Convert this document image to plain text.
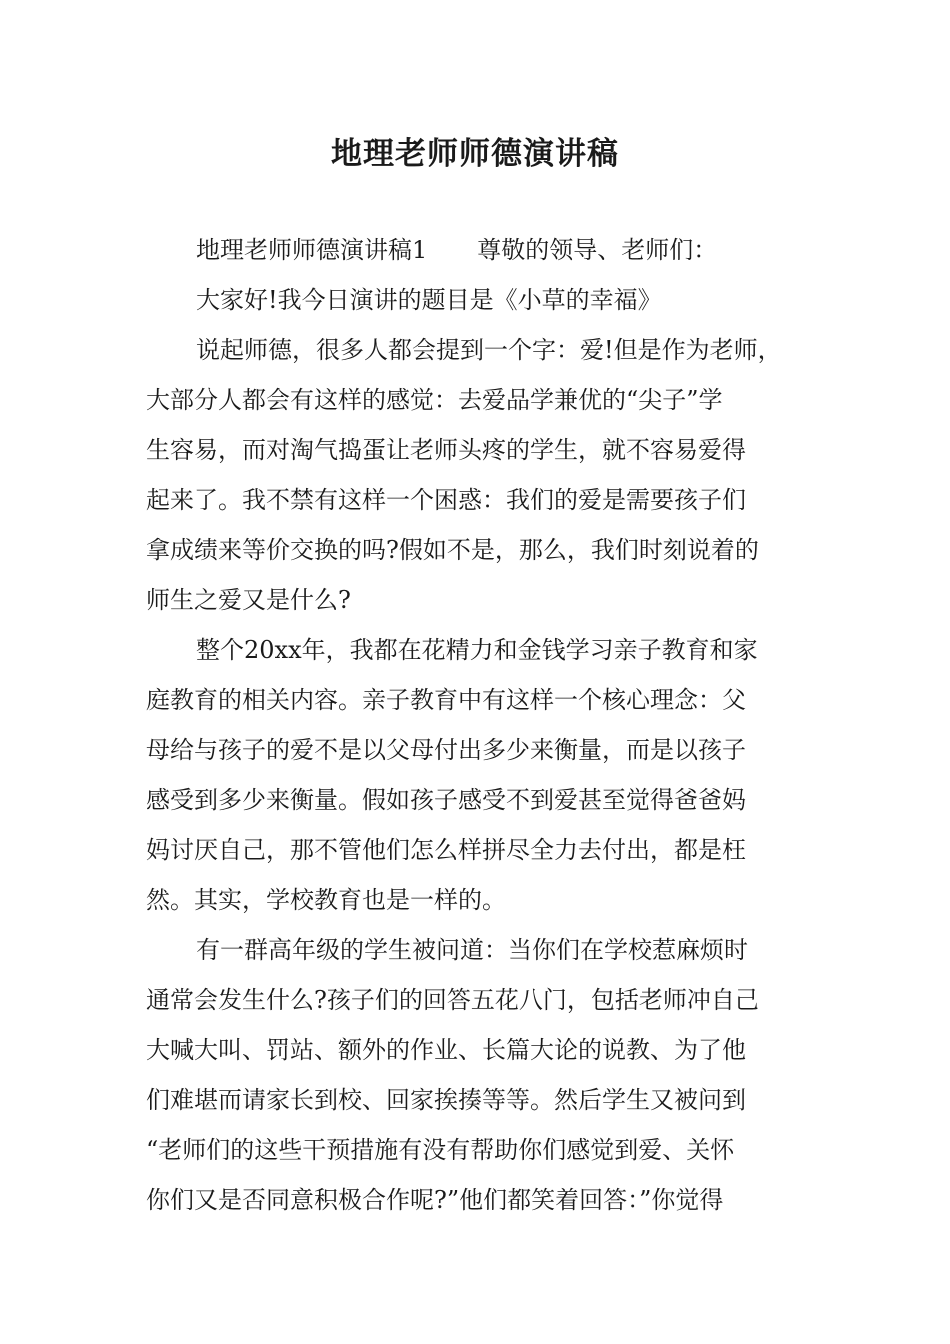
地理老师师德演讲稿

地理老师师德演讲稿1 尊敬的领导、老师们：

大家好!我今日演讲的题目是《小草的幸福》

说起师德，很多人都会提到一个字：爱!但是作为老师，
大部分人都会有这样的感觉：去爱品学兼优的“尖子”学
生容易，而对淘气捣蛋让老师头疼的学生，就不容易爱得
起来了。我不禁有这样一个困惑：我们的爱是需要孩子们
拿成绩来等价交换的吗?假如不是，那么，我们时刻说着的
师生之爱又是什么?

整个20xx年，我都在花精力和金钱学习亲子教育和家
庭教育的相关内容。亲子教育中有这样一个核心理念：父
母给与孩子的爱不是以父母付出多少来衡量，而是以孩子
感受到多少来衡量。假如孩子感受不到爱甚至觉得爸爸妈
妈讨厌自己，那不管他们怎么样拼尽全力去付出，都是枉
然。其实，学校教育也是一样的。

有一群高年级的学生被问道：当你们在学校惹麻烦时
通常会发生什么?孩子们的回答五花八门，包括老师冲自己
大喊大叫、罚站、额外的作业、长篇大论的说教、为了他
们难堪而请家长到校、回家挨揍等等。然后学生又被问到
“老师们的这些干预措施有没有帮助你们感觉到爱、关怀
你们又是否同意积极合作呢?”他们都笑着回答：”你觉得
